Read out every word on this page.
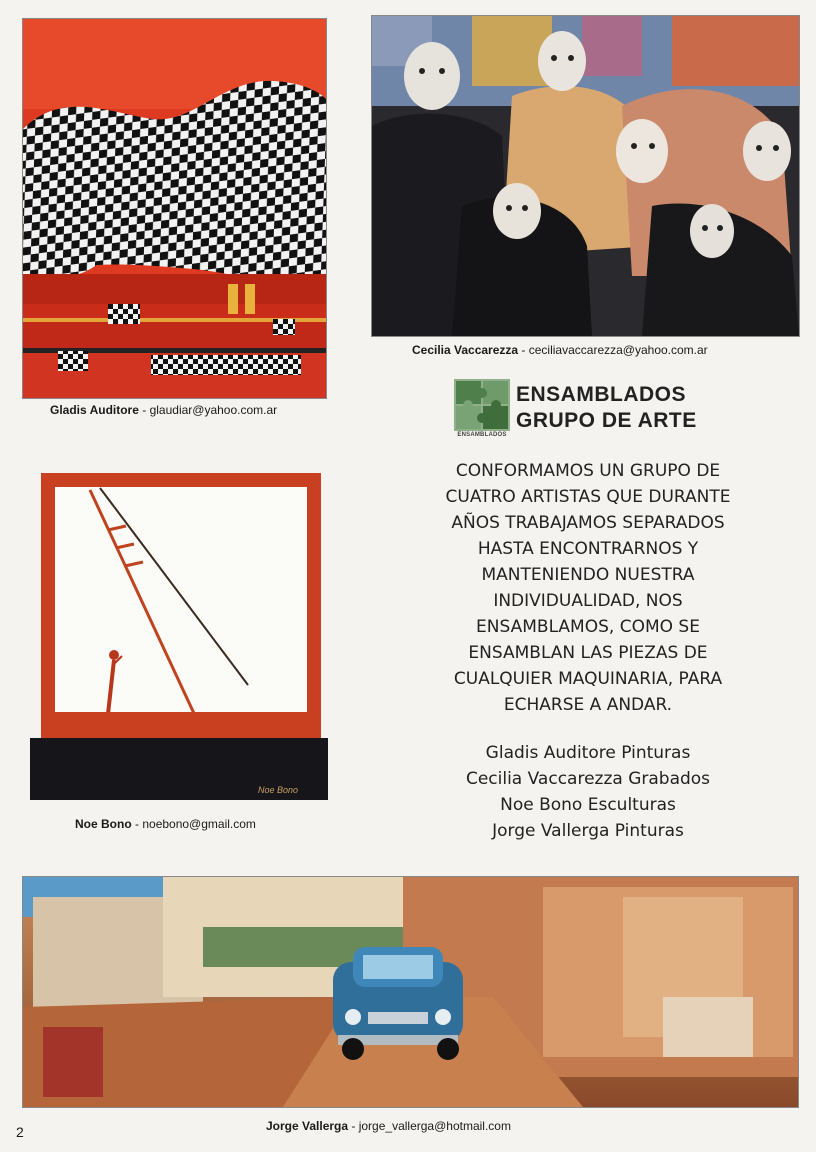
Gladis Auditore - glaudiar@yahoo.com.ar
Cecilia Vaccarezza - ceciliavaccarezza@yahoo.com.ar
ENSAMBLADOS
ENSAMBLADOS
GRUPO DE ARTE

CONFORMAMOS UN GRUPO DE
CUATRO ARTISTAS QUE DURANTE
AÑOS TRABAJAMOS SEPARADOS
HASTA ENCONTRARNOS Y
MANTENIENDO NUESTRA
INDIVIDUALIDAD, NOS
ENSAMBLAMOS, COMO SE
ENSAMBLAN LAS PIEZAS DE
CUALQUIER MAQUINARIA, PARA
ECHARSE A ANDAR.

Gladis Auditore Pinturas
Cecilia Vaccarezza Grabados
Noe Bono Esculturas
Jorge Vallerga Pinturas
Noe Bono
Noe Bono - noebono@gmail.com
Jorge Vallerga - jorge_vallerga@hotmail.com
2
